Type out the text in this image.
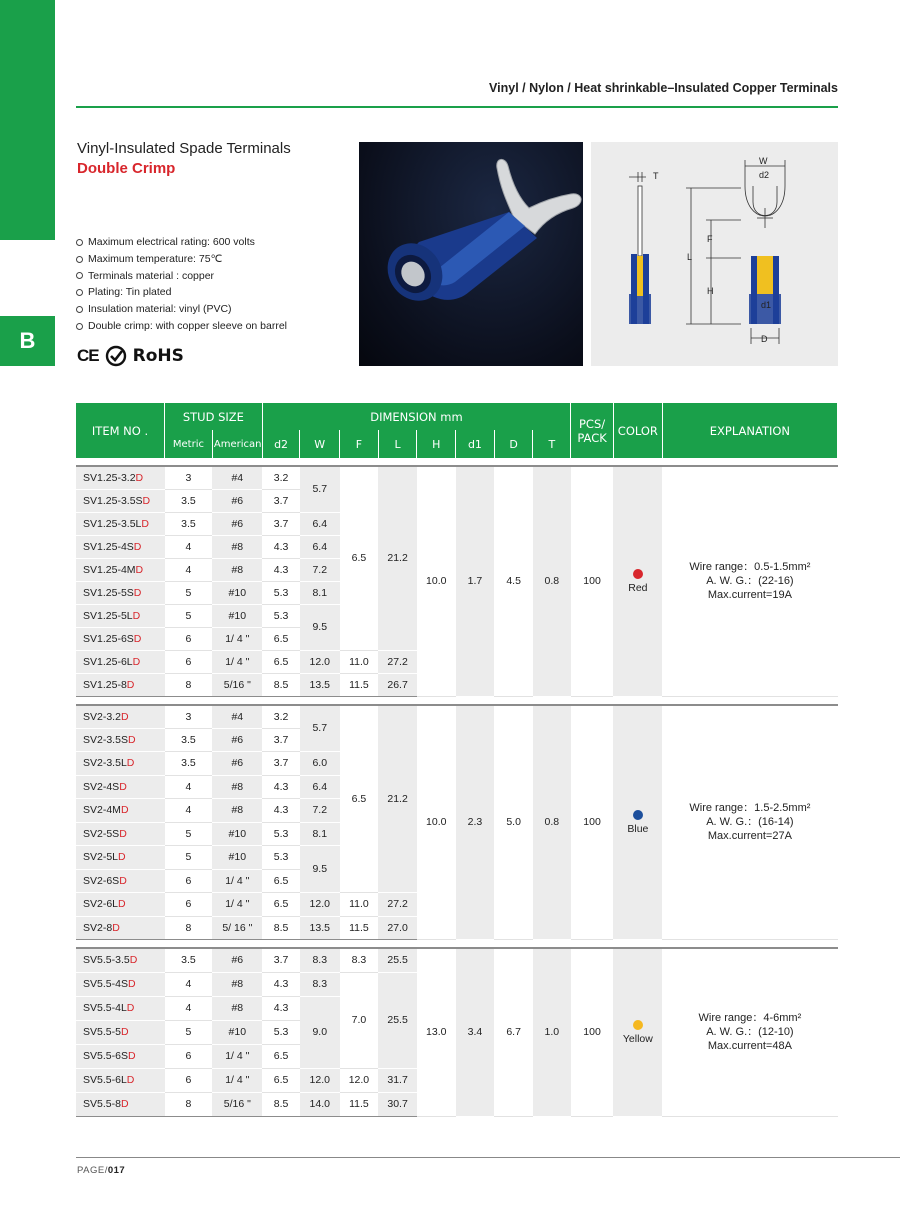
B
Vinyl / Nylon / Heat shrinkable–Insulated Copper Terminals
Vinyl-Insulated Spade Terminals
Double Crimp
Maximum electrical rating: 600 volts
Maximum temperature: 75℃
Terminals material : copper
Plating: Tin plated
Insulation material: vinyl (PVC)
Double crimp: with copper sleeve on barrel
CE RoHS
T
W
d2
F
L
H
d1
D
ITEM NO .	STUD SIZE		DIMENSION mm								PCS/ PACK	COLOR	EXPLANATION
	Metric	American	d2	W	F	L	H	d1	D	T			

SV1.25-3.2D	3	#4	3.2	5.7	6.5	21.2	10.0	1.7	4.5	0.8	100	Red	Wire range：0.5-1.5mm²
A. W. G.：(22-16)
Max.current=19A

SV1.25-3.5SD	3.5	#6	3.7										
SV1.25-3.5LD	3.5	#6	3.7	6.4									
SV1.25-4SD	4	#8	4.3	6.4									
SV1.25-4MD	4	#8	4.3	7.2									
SV1.25-5SD	5	#10	5.3	8.1									
SV1.25-5LD	5	#10	5.3	9.5									
SV1.25-6SD	6	1/ 4 "	6.5										
SV1.25-6LD	6	1/ 4 "	6.5	12.0	11.0	27.2							
SV1.25-8D	8	5/16 "	8.5	13.5	11.5	26.7							

SV2-3.2D	3	#4	3.2	5.7	6.5	21.2	10.0	2.3	5.0	0.8	100	Blue	Wire range：1.5-2.5mm²
A. W. G.：(16-14)
Max.current=27A

SV2-3.5SD	3.5	#6	3.7										
SV2-3.5LD	3.5	#6	3.7	6.0									
SV2-4SD	4	#8	4.3	6.4									
SV2-4MD	4	#8	4.3	7.2									
SV2-5SD	5	#10	5.3	8.1									
SV2-5LD	5	#10	5.3	9.5									
SV2-6SD	6	1/ 4 "	6.5										
SV2-6LD	6	1/ 4 "	6.5	12.0	11.0	27.2							
SV2-8D	8	5/ 16 "	8.5	13.5	11.5	27.0							

SV5.5-3.5D	3.5	#6	3.7	8.3	8.3	25.5	13.0	3.4	6.7	1.0	100	Yellow	Wire range：4-6mm²
A. W. G.：(12-10)
Max.current=48A

SV5.5-4SD	4	#8	4.3	8.3	7.0	25.5							
SV5.5-4LD	4	#8	4.3	9.0									
SV5.5-5D	5	#10	5.3										
SV5.5-6SD	6	1/ 4 "	6.5										
SV5.5-6LD	6	1/ 4 "	6.5	12.0	12.0	31.7							
SV5.5-8D	8	5/16 "	8.5	14.0	11.5	30.7							
PAGE/017
